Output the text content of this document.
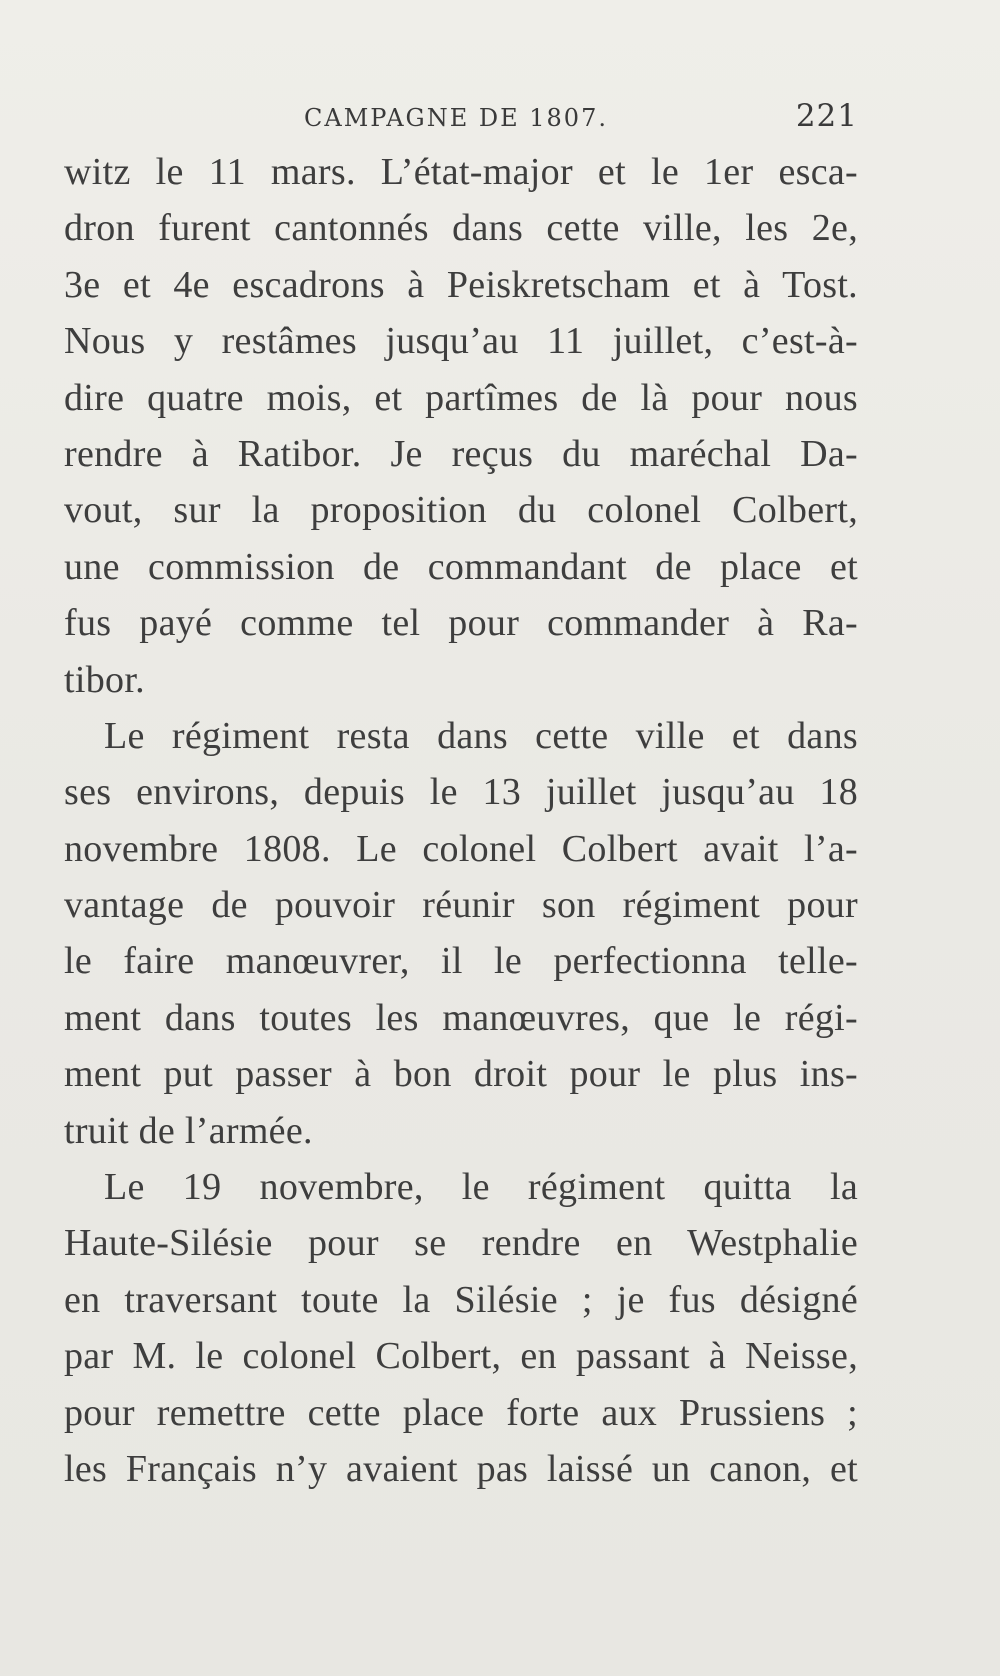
CAMPAGNE DE 1807.	221
witz le 11 mars. L’état-major et le 1er esca-
dron furent cantonnés dans cette ville, les 2e,
3e et 4e escadrons à Peiskretscham et à Tost.
Nous y restâmes jusqu’au 11 juillet, c’est-à-
dire quatre mois, et partîmes de là pour nous
rendre à Ratibor. Je reçus du maréchal Da-
vout, sur la proposition du colonel Colbert,
une commission de commandant de place et
fus payé comme tel pour commander à Ra-
tibor.
Le régiment resta dans cette ville et dans
ses environs, depuis le 13 juillet jusqu’au 18
novembre 1808. Le colonel Colbert avait l’a-
vantage de pouvoir réunir son régiment pour
le faire manœuvrer, il le perfectionna telle-
ment dans toutes les manœuvres, que le régi-
ment put passer à bon droit pour le plus ins-
truit de l’armée.
Le 19 novembre, le régiment quitta la
Haute-Silésie pour se rendre en Westphalie
en traversant toute la Silésie ; je fus désigné
par M. le colonel Colbert, en passant à Neisse,
pour remettre cette place forte aux Prussiens ;
les Français n’y avaient pas laissé un canon, et
